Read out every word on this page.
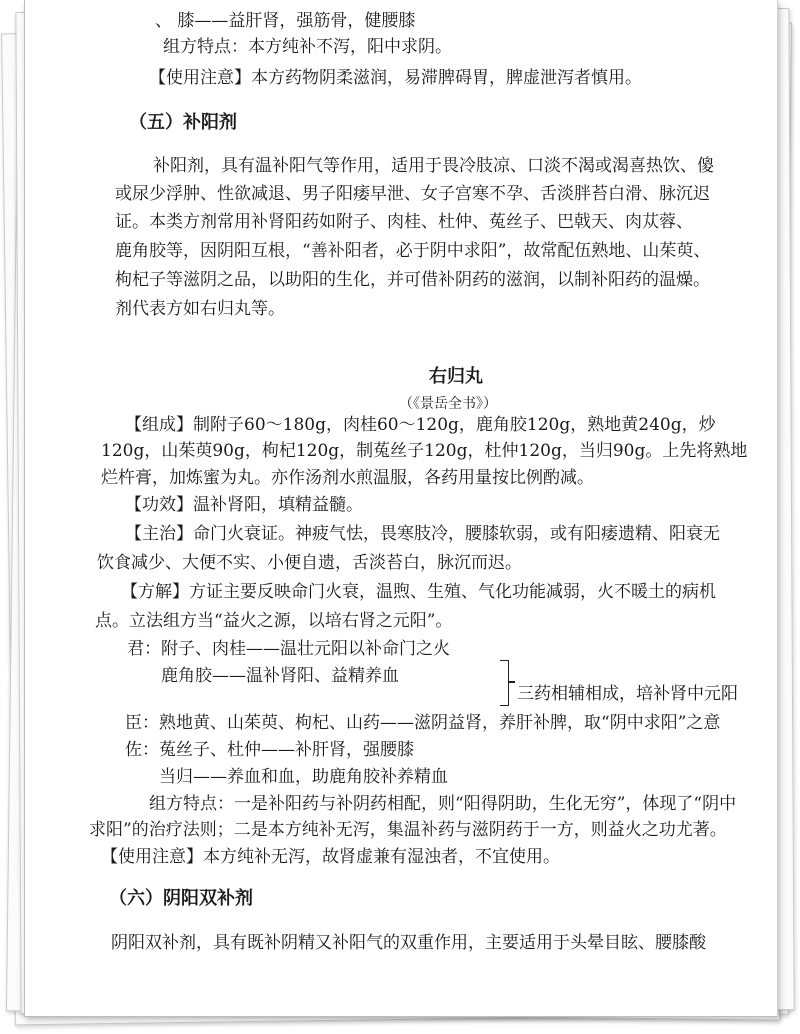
、 膝——益肝肾，强筋骨，健腰膝
组方特点：本方纯补不泻，阳中求阴。
【使用注意】本方药物阴柔滋润，易滞脾碍胃，脾虚泄泻者慎用。
（五）补阳剂
补阳剂，具有温补阳气等作用，适用于畏冷肢凉、口淡不渴或渴喜热饮、傻
或尿少浮肿、性欲减退、男子阳痿早泄、女子宫寒不孕、舌淡胖苔白滑、脉沉迟
证。本类方剂常用补肾阳药如附子、肉桂、杜仲、菟丝子、巴戟天、肉苁蓉、
鹿角胶等，因阴阳互根，“善补阳者，必于阴中求阳”，故常配伍熟地、山茱萸、
枸杞子等滋阴之品，以助阳的生化，并可借补阴药的滋润，以制补阳药的温燥。
剂代表方如右归丸等。
右归丸
（《景岳全书》）
【组成】制附子60～180g，肉桂60～120g，鹿角胶120g，熟地黄240g，炒
120g，山茱萸90g，枸杞120g，制菟丝子120g，杜仲120g，当归90g。上先将熟地
烂杵膏，加炼蜜为丸。亦作汤剂水煎温服，各药用量按比例酌减。
【功效】温补肾阳，填精益髓。
【主治】命门火衰证。神疲气怯，畏寒肢冷，腰膝软弱，或有阳痿遗精、阳衰无
饮食减少、大便不实、小便自遗，舌淡苔白，脉沉而迟。
【方解】方证主要反映命门火衰，温煦、生殖、气化功能减弱，火不暖土的病机
点。立法组方当“益火之源，以培右肾之元阳”。
君：附子、肉桂——温壮元阳以补命门之火
鹿角胶——温补肾阳、益精养血
三药相辅相成，培补肾中元阳
臣：熟地黄、山茱萸、枸杞、山药——滋阴益肾，养肝补脾，取“阴中求阳”之意
佐：菟丝子、杜仲——补肝肾，强腰膝
当归——养血和血，助鹿角胶补养精血
组方特点：一是补阳药与补阴药相配，则“阳得阴助，生化无穷”，体现了“阴中
求阳”的治疗法则；二是本方纯补无泻，集温补药与滋阴药于一方，则益火之功尤著。
【使用注意】本方纯补无泻，故肾虚兼有湿浊者，不宜使用。
（六）阴阳双补剂
阴阳双补剂，具有既补阴精又补阳气的双重作用，主要适用于头晕目眩、腰膝酸
